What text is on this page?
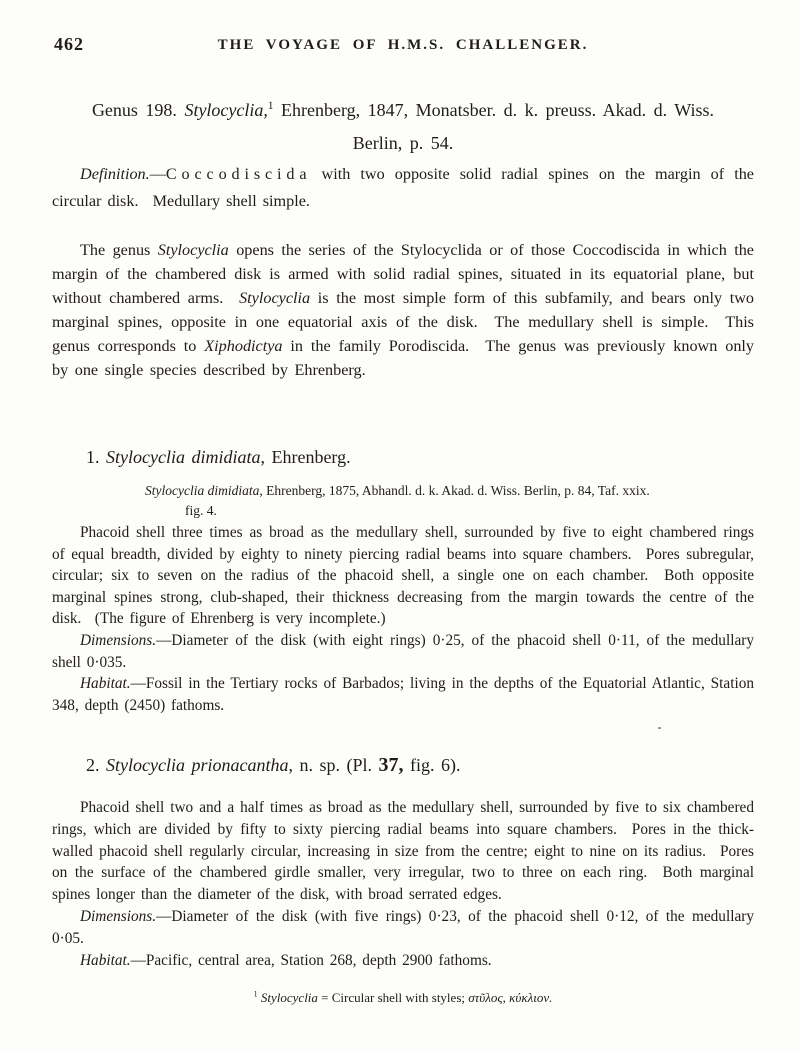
462	THE VOYAGE OF H.M.S. CHALLENGER.
Genus 198. Stylocyclia,$^1$ Ehrenberg, 1847, Monatsber. d. k. preuss. Akad. d. Wiss.
Berlin, p. 54.

Definition.—Coccodiscida with two opposite solid radial spines on the margin of the circular disk.  Medullary shell simple.

The genus Stylocyclia opens the series of the Stylocyclida or of those Coccodiscida in which the margin of the chambered disk is armed with solid radial spines, situated in its equatorial plane, but without chambered arms.  Stylocyclia is the most simple form of this subfamily, and bears only two marginal spines, opposite in one equatorial axis of the disk.  The medullary shell is simple.  This genus corresponds to Xiphodictya in the family Porodiscida.  The genus was previously known only by one single species described by Ehrenberg.

1. Stylocyclia dimidiata, Ehrenberg.
Stylocyclia dimidiata, Ehrenberg, 1875, Abhandl. d. k. Akad. d. Wiss. Berlin, p. 84, Taf. xxix.
fig. 4.

Phacoid shell three times as broad as the medullary shell, surrounded by five to eight chambered rings of equal breadth, divided by eighty to ninety piercing radial beams into square chambers.  Pores subregular, circular; six to seven on the radius of the phacoid shell, a single one on each chamber.  Both opposite marginal spines strong, club-shaped, their thickness decreasing from the margin towards the centre of the disk.  (The figure of Ehrenberg is very incomplete.)

Dimensions.—Diameter of the disk (with eight rings) 0·25, of the phacoid shell 0·11, of the medullary shell 0·035.

Habitat.—Fossil in the Tertiary rocks of Barbados; living in the depths of the Equatorial Atlantic, Station 348, depth (2450) fathoms.

2. Stylocyclia prionacantha, n. sp. (Pl. 37, fig. 6).

Phacoid shell two and a half times as broad as the medullary shell, surrounded by five to six chambered rings, which are divided by fifty to sixty piercing radial beams into square chambers.  Pores in the thick-walled phacoid shell regularly circular, increasing in size from the centre; eight to nine on its radius.  Pores on the surface of the chambered girdle smaller, very irregular, two to three on each ring.  Both marginal spines longer than the diameter of the disk, with broad serrated edges.

Dimensions.—Diameter of the disk (with five rings) 0·23, of the phacoid shell 0·12, of the medullary 0·05.

Habitat.—Pacific, central area, Station 268, depth 2900 fathoms.

$^1$ Stylocyclia = Circular shell with styles; στῦλος, κύκλιον.
